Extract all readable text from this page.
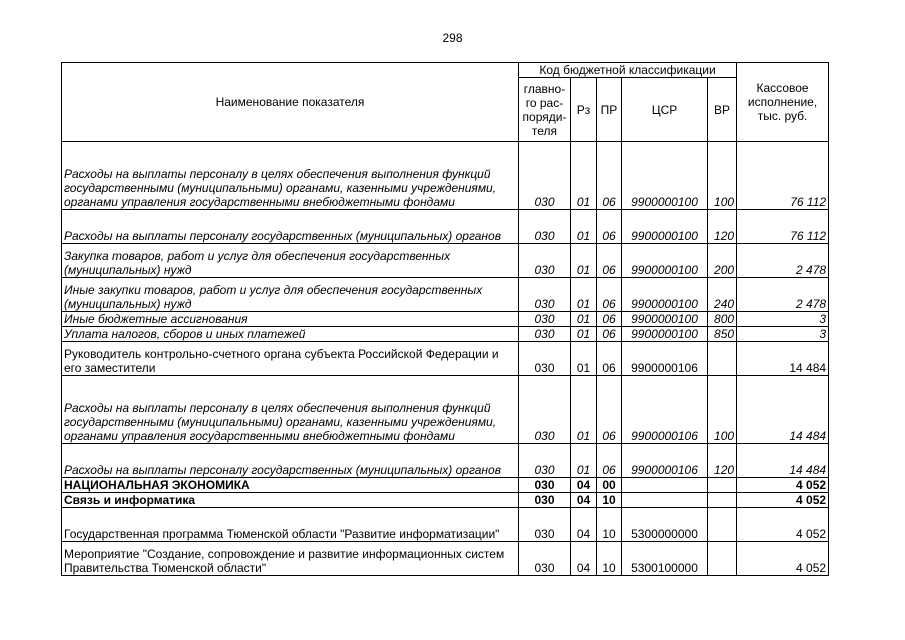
298
Наименование показателя	Код бюджетной классификации					Кассовое исполнение, тыс. руб.
	главно-го рас-поряди-теля	Рз	ПР	ЦСР	ВР	
Расходы на выплаты персоналу в целях обеспечения выполнения функций государственными (муниципальными) органами, казенными учреждениями, органами управления государственными внебюджетными фондами	030	01	06	9900000100	100	76 112
Расходы на выплаты персоналу государственных (муниципальных) органов	030	01	06	9900000100	120	76 112
Закупка товаров, работ и услуг для обеспечения государственных (муниципальных) нужд	030	01	06	9900000100	200	2 478
Иные закупки товаров, работ и услуг для обеспечения государственных (муниципальных) нужд	030	01	06	9900000100	240	2 478
Иные бюджетные ассигнования	030	01	06	9900000100	800	3
Уплата налогов, сборов и иных платежей	030	01	06	9900000100	850	3
Руководитель контрольно-счетного органа субъекта Российской Федерации и его заместители	030	01	06	9900000106		14 484
Расходы на выплаты персоналу в целях обеспечения выполнения функций государственными (муниципальными) органами, казенными учреждениями, органами управления государственными внебюджетными фондами	030	01	06	9900000106	100	14 484
Расходы на выплаты персоналу государственных (муниципальных) органов	030	01	06	9900000106	120	14 484
НАЦИОНАЛЬНАЯ ЭКОНОМИКА	030	04	00			4 052
Связь и информатика	030	04	10			4 052
Государственная программа Тюменской области "Развитие информатизации"	030	04	10	5300000000		4 052
Мероприятие "Создание, сопровождение и развитие информационных систем Правительства Тюменской области"	030	04	10	5300100000		4 052
